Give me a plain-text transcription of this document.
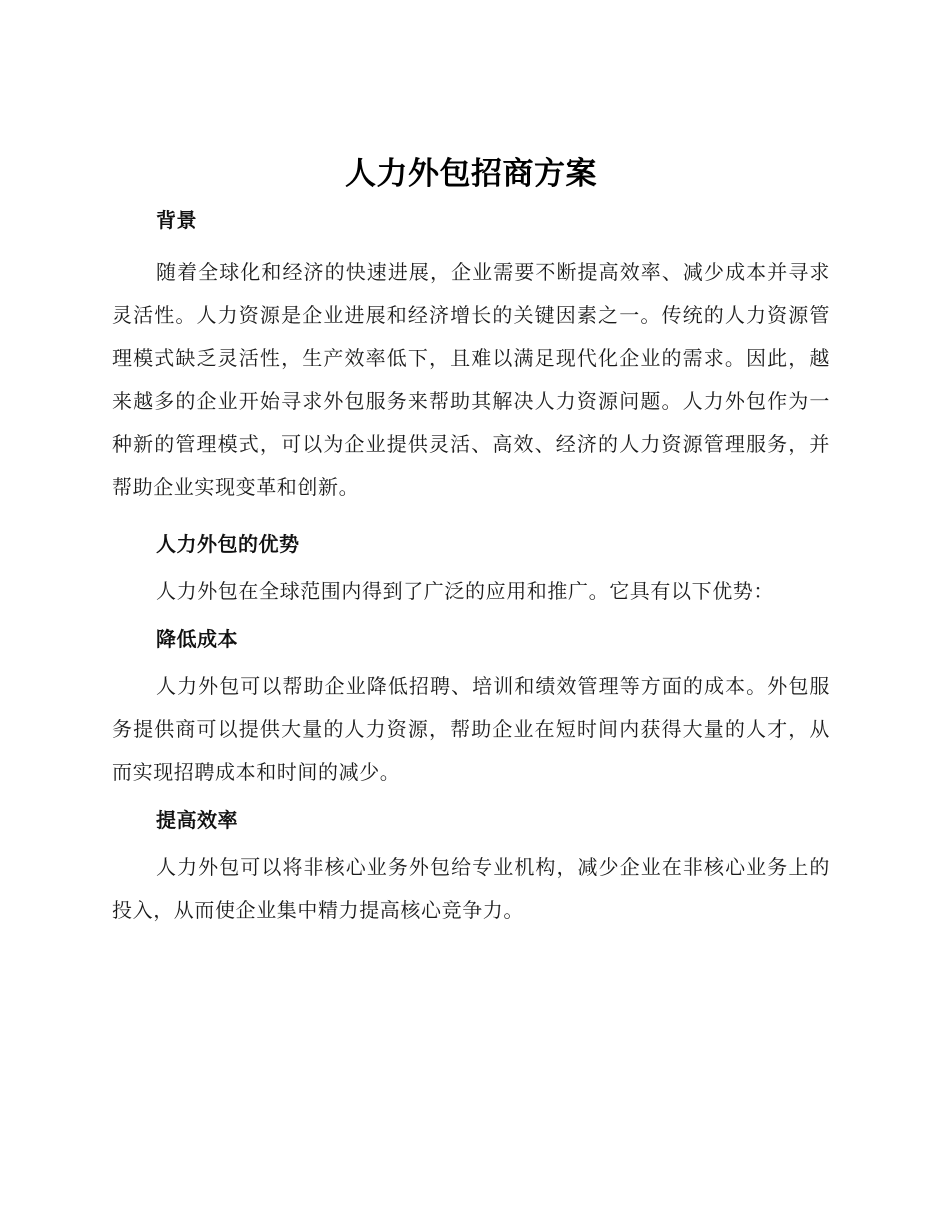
人力外包招商方案
背景

随着全球化和经济的快速进展，企业需要不断提高效率、减少成本并寻求灵活性。人力资源是企业进展和经济增长的关键因素之一。传统的人力资源管理模式缺乏灵活性，生产效率低下，且难以满足现代化企业的需求。因此，越来越多的企业开始寻求外包服务来帮助其解决人力资源问题。人力外包作为一种新的管理模式，可以为企业提供灵活、高效、经济的人力资源管理服务，并帮助企业实现变革和创新。

人力外包的优势

人力外包在全球范围内得到了广泛的应用和推广。它具有以下优势：

降低成本

人力外包可以帮助企业降低招聘、培训和绩效管理等方面的成本。外包服务提供商可以提供大量的人力资源，帮助企业在短时间内获得大量的人才，从而实现招聘成本和时间的减少。

提高效率

人力外包可以将非核心业务外包给专业机构，减少企业在非核心业务上的投入，从而使企业集中精力提高核心竞争力。
